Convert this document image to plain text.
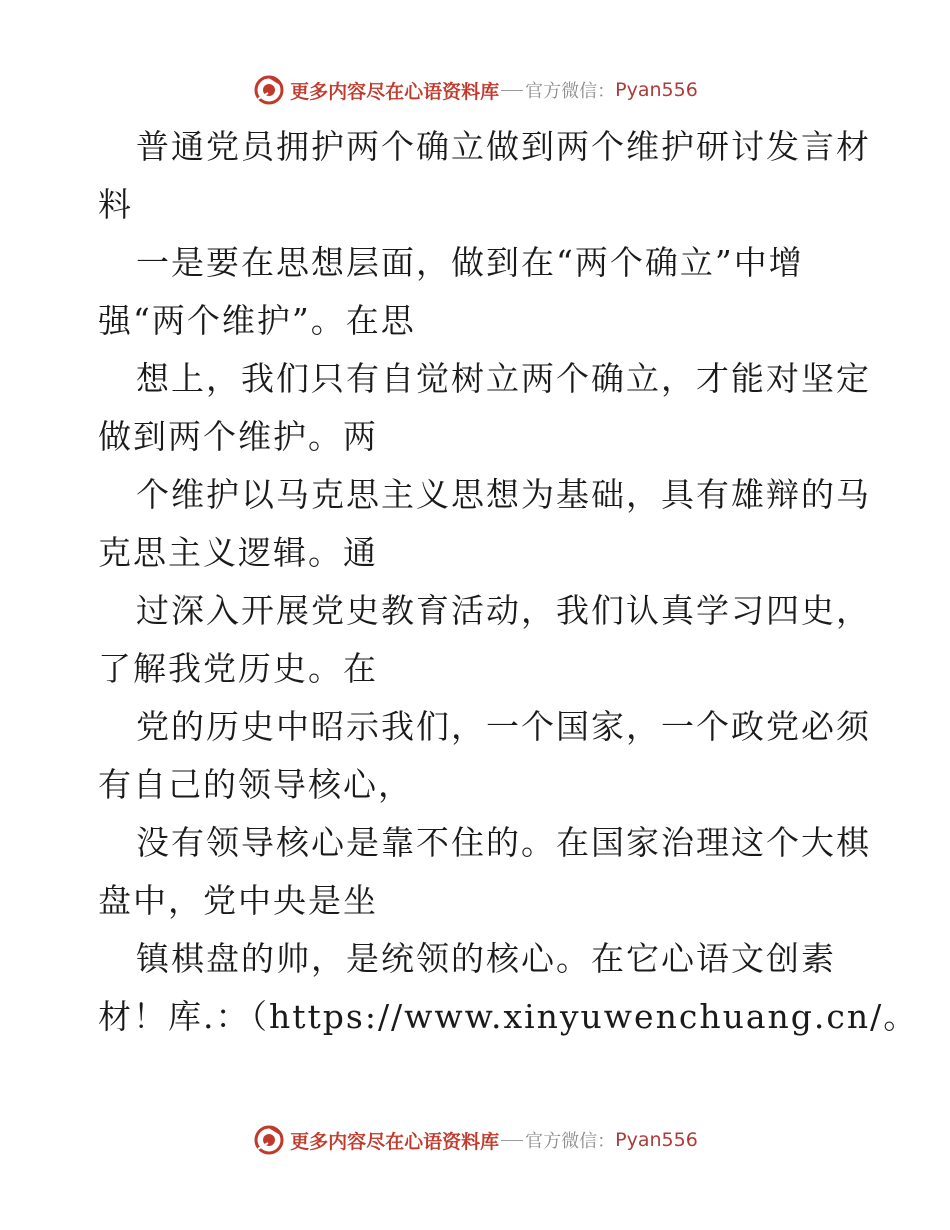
更多内容尽在心语资料库 官方微信： Pyan556
普通党员拥护两个确立做到两个维护研讨发言材
料
一是要在思想层面，做到在“两个确立”中增
强“两个维护”。在思
想上，我们只有自觉树立两个确立，才能对坚定
做到两个维护。两
个维护以马克思主义思想为基础，具有雄辩的马
克思主义逻辑。通
过深入开展党史教育活动，我们认真学习四史，
了解我党历史。在
党的历史中昭示我们，一个国家，一个政党必须
有自己的领导核心，
没有领导核心是靠不住的。在国家治理这个大棋
盘中，党中央是坐
镇棋盘的帅，是统领的核心。在它心语文创素
材！库.：（https://www.xinyuwenchuang.cn/。
更多内容尽在心语资料库 官方微信： Pyan556
